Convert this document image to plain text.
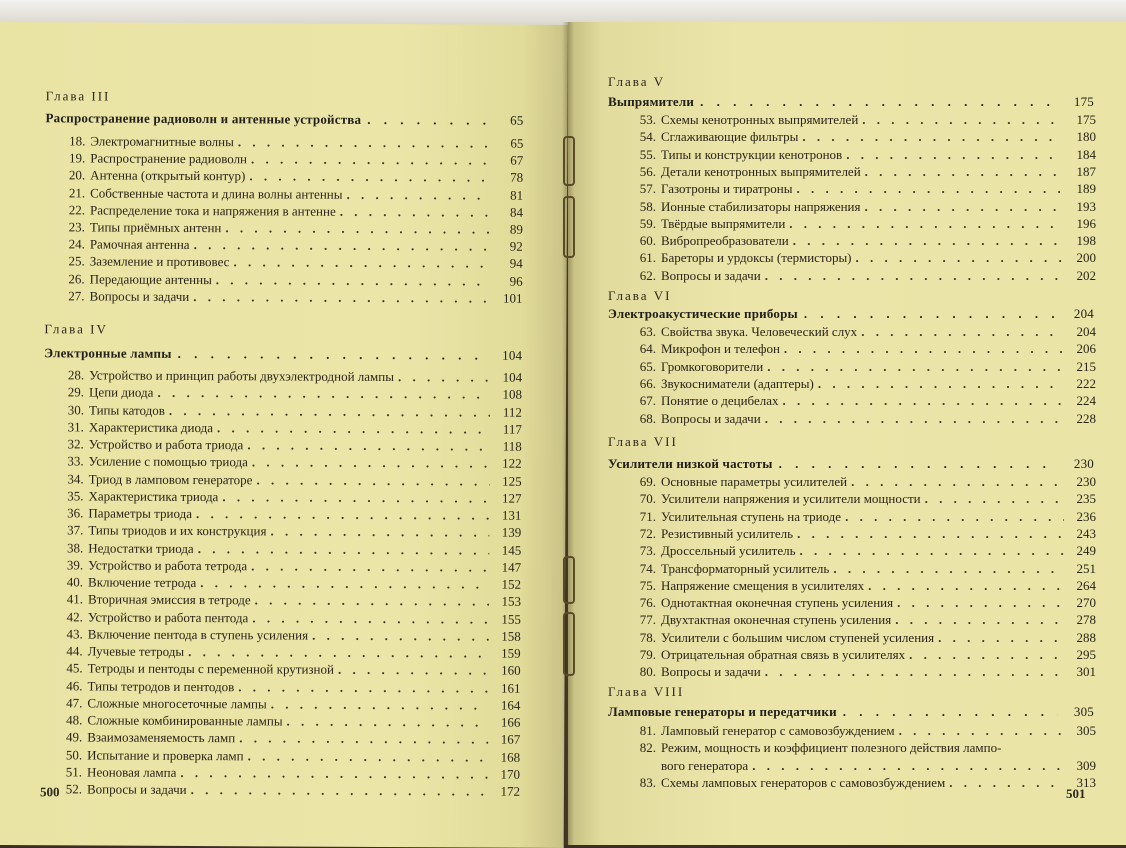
Глава III
Распространение радиоволн и антенные устройства . . .	65
18. Электромагнитные волны . . .	65
19. Распространение радиоволн . . .	67
20. Антенна (открытый контур) . . .	78
21. Собственные частота и длина волны антенны . . .	81
22. Распределение тока и напряжения в антенне . . .	84
23. Типы приёмных антенн . . .	89
24. Рамочная антенна . . .	92
25. Заземление и противовес . . .	94
26. Передающие антенны . . .	96
27. Вопросы и задачи . . .	101
Глава IV
Электронные лампы . . .	104
28. Устройство и принцип работы двухэлектродной лампы . . .	104
29. Цепи диода . . .	108
30. Типы катодов . . .	112
31. Характеристика диода . . .	117
32. Устройство и работа триода . . .	118
33. Усиление с помощью триода . . .	122
34. Триод в ламповом генераторе . . .	125
35. Характеристика триода . . .	127
36. Параметры триода . . .	131
37. Типы триодов и их конструкция . . .	139
38. Недостатки триода . . .	145
39. Устройство и работа тетрода . . .	147
40. Включение тетрода . . .	152
41. Вторичная эмиссия в тетроде . . .	153
42. Устройство и работа пентода . . .	155
43. Включение пентода в ступень усиления . . .	158
44. Лучевые тетроды . . .	159
45. Тетроды и пентоды с переменной крутизной . . .	160
46. Типы тетродов и пентодов . . .	161
47. Сложные многосеточные лампы . . .	164
48. Сложные комбинированные лампы . . .	166
49. Взаимозаменяемость ламп . . .	167
50. Испытание и проверка ламп . . .	168
51. Неоновая лампа . . .	170
52. Вопросы и задачи . . .	172
500
Глава V
Выпрямители . . .	175
53. Схемы кенотронных выпрямителей . . .	175
54. Сглаживающие фильтры . . .	180
55. Типы и конструкции кенотронов . . .	184
56. Детали кенотронных выпрямителей . . .	187
57. Газотроны и тиратроны . . .	189
58. Ионные стабилизаторы напряжения . . .	193
59. Твёрдые выпрямители . . .	196
60. Вибропреобразователи . . .	198
61. Бареторы и урдоксы (термисторы) . . .	200
62. Вопросы и задачи . . .	202
Глава VI
Электроакустические приборы . . .	204
63. Свойства звука. Человеческий слух . . .	204
64. Микрофон и телефон . . .	206
65. Громкоговорители . . .	215
66. Звукосниматели (адаптеры) . . .	222
67. Понятие о децибелах . . .	224
68. Вопросы и задачи . . .	228
Глава VII
Усилители низкой частоты . . .	230
69. Основные параметры усилителей . . .	230
70. Усилители напряжения и усилители мощности . . .	235
71. Усилительная ступень на триоде . . .	236
72. Резистивный усилитель . . .	243
73. Дроссельный усилитель . . .	249
74. Трансформаторный усилитель . . .	251
75. Напряжение смещения в усилителях . . .	264
76. Однотактная оконечная ступень усиления . . .	270
77. Двухтактная оконечная ступень усиления . . .	278
78. Усилители с большим числом ступеней усиления . . .	288
79. Отрицательная обратная связь в усилителях . . .	295
80. Вопросы и задачи . . .	301
Глава VIII
Ламповые генераторы и передатчики . . .	305
81. Ламповый генератор с самовозбуждением . . .	305
82. Режим, мощность и коэффициент полезного действия лампо-
вого генератора . . .	309
83. Схемы ламповых генераторов с самовозбуждением . . .	313
501
